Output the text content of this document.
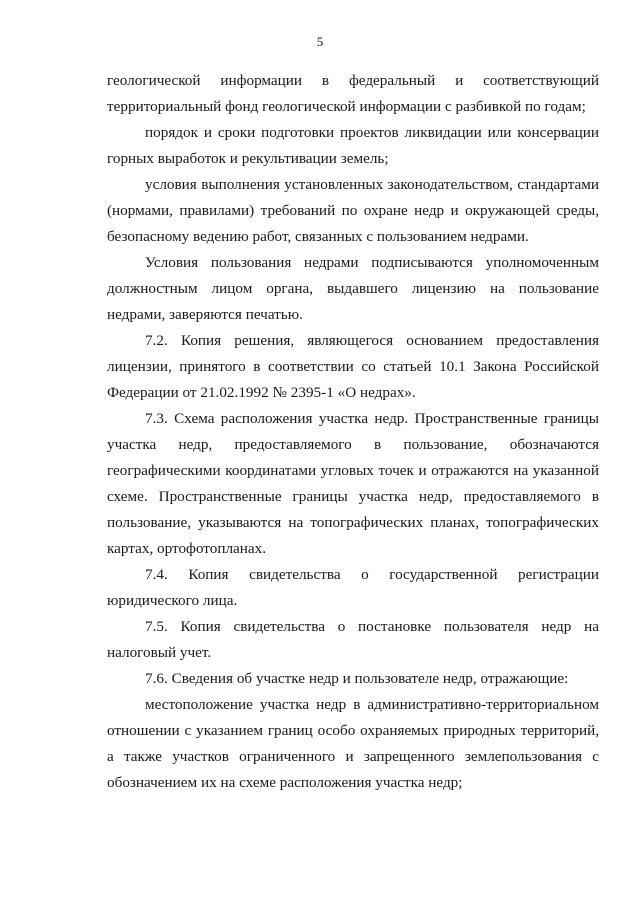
5

геологической информации в федеральный и соответствующий территориальный фонд геологической информации с разбивкой по годам;

порядок и сроки подготовки проектов ликвидации или консервации горных выработок и рекультивации земель;

условия выполнения установленных законодательством, стандартами (нормами, правилами) требований по охране недр и окружающей среды, безопасному ведению работ, связанных с пользованием недрами.

Условия пользования недрами подписываются уполномоченным должностным лицом органа, выдавшего лицензию на пользование недрами, заверяются печатью.

7.2. Копия решения, являющегося основанием предоставления лицензии, принятого в соответствии со статьей 10.1 Закона Российской Федерации от 21.02.1992 № 2395-1 «О недрах».

7.3. Схема расположения участка недр. Пространственные границы участка недр, предоставляемого в пользование, обозначаются географическими координатами угловых точек и отражаются на указанной схеме. Пространственные границы участка недр, предоставляемого в пользование, указываются на топографических планах, топографических картах, ортофотопланах.

7.4. Копия свидетельства о государственной регистрации юридического лица.

7.5. Копия свидетельства о постановке пользователя недр на налоговый учет.

7.6. Сведения об участке недр и пользователе недр, отражающие:

местоположение участка недр в административно-территориальном отношении с указанием границ особо охраняемых природных территорий, а также участков ограниченного и запрещенного землепользования с обозначением их на схеме расположения участка недр;
